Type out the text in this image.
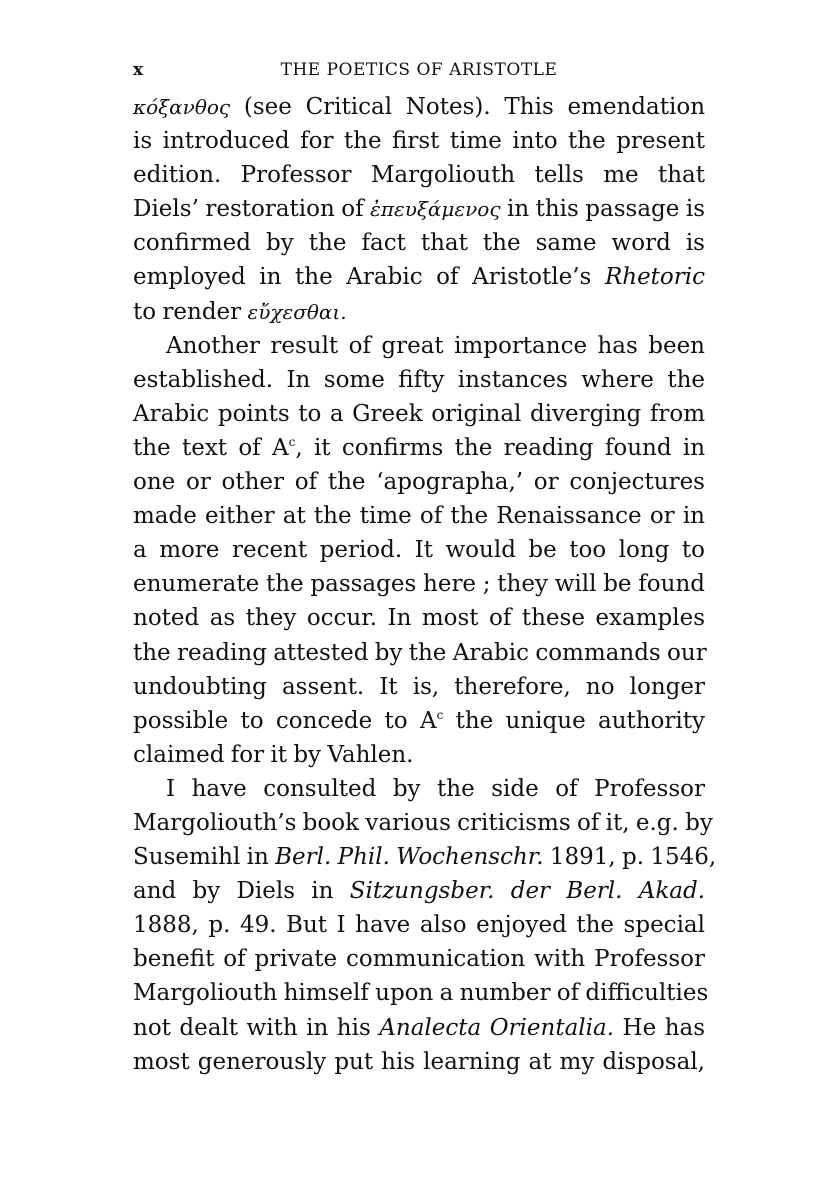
x	THE POETICS OF ARISTOTLE
κόξανθος (see Critical Notes). This emendation
is introduced for the first time into the present
edition. Professor Margoliouth tells me that
Diels’ restoration of ἐπευξάμενος in this passage is
confirmed by the fact that the same word is
employed in the Arabic of Aristotle’s Rhetoric
to render εὔχεσθαι.
Another result of great importance has been
established. In some fifty instances where the
Arabic points to a Greek original diverging from
the text of $A^c$, it confirms the reading found in
one or other of the ‘apographa,’ or conjectures
made either at the time of the Renaissance or in
a more recent period. It would be too long to
enumerate the passages here ; they will be found
noted as they occur. In most of these examples
the reading attested by the Arabic commands our
undoubting assent. It is, therefore, no longer
possible to concede to $A^c$ the unique authority
claimed for it by Vahlen.
I have consulted by the side of Professor
Margoliouth’s book various criticisms of it, e.g. by
Susemihl in Berl. Phil. Wochenschr. 1891, p. 1546,
and by Diels in Sitzungsber. der Berl. Akad.
1888, p. 49. But I have also enjoyed the special
benefit of private communication with Professor
Margoliouth himself upon a number of difficulties
not dealt with in his Analecta Orientalia. He has
most generously put his learning at my disposal,
